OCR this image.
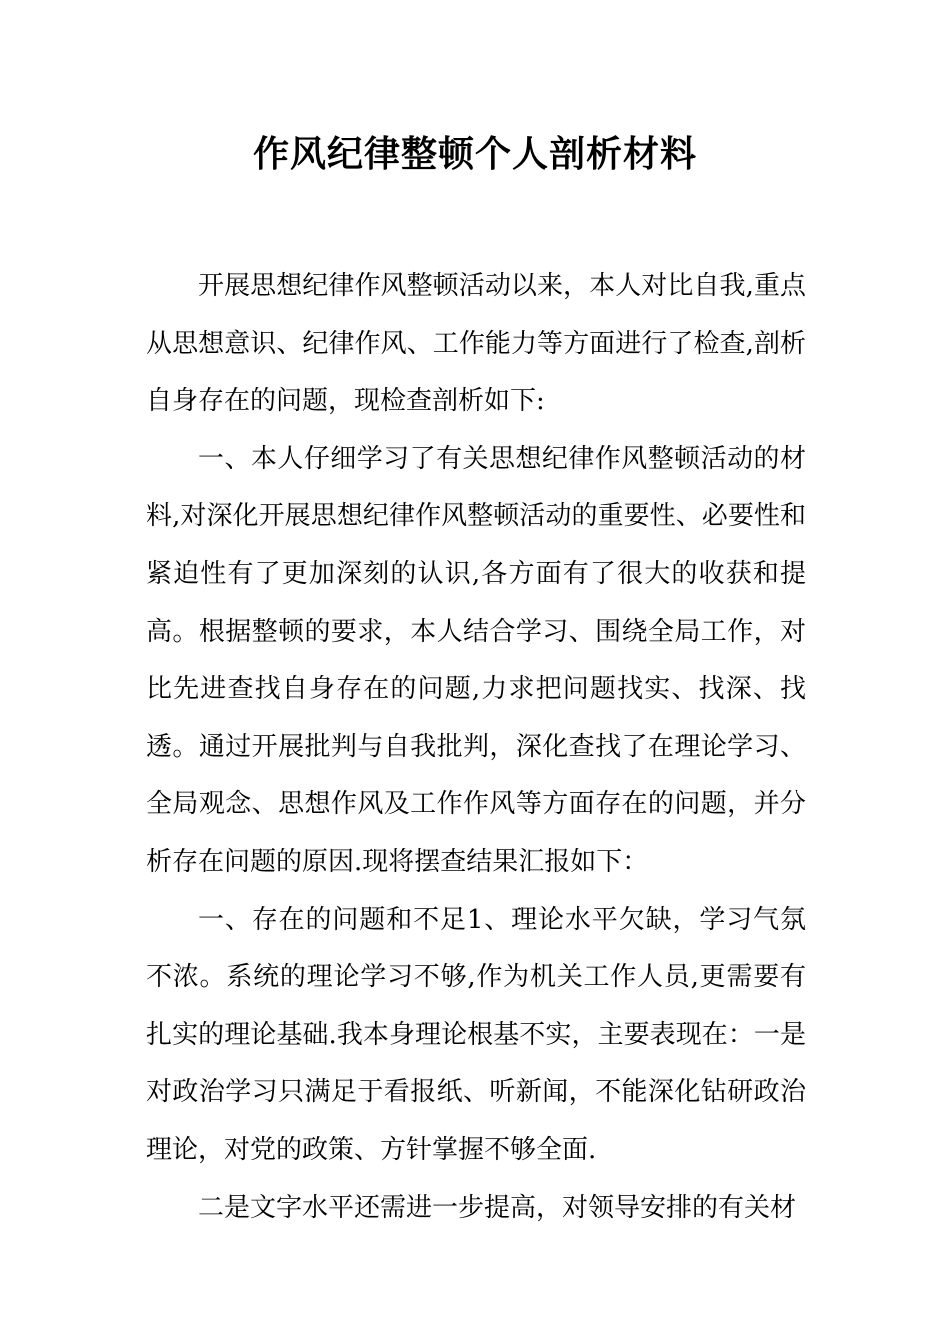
作风纪律整顿个人剖析材料

开展思想纪律作风整顿活动以来，本人对比自我,重点从思想意识、纪律作风、工作能力等方面进行了检查,剖析自身存在的问题，现检查剖析如下:

一、本人仔细学习了有关思想纪律作风整顿活动的材料,对深化开展思想纪律作风整顿活动的重要性、必要性和紧迫性有了更加深刻的认识,各方面有了很大的收获和提高。根据整顿的要求，本人结合学习、围绕全局工作，对比先进查找自身存在的问题,力求把问题找实、找深、找透。通过开展批判与自我批判，深化查找了在理论学习、全局观念、思想作风及工作作风等方面存在的问题，并分析存在问题的原因.现将摆查结果汇报如下：

一、存在的问题和不足1、理论水平欠缺，学习气氛不浓。系统的理论学习不够,作为机关工作人员,更需要有扎实的理论基础.我本身理论根基不实，主要表现在：一是对政治学习只满足于看报纸、听新闻，不能深化钻研政治理论，对党的政策、方针掌握不够全面.

二是文字水平还需进一步提高，对领导安排的有关材
